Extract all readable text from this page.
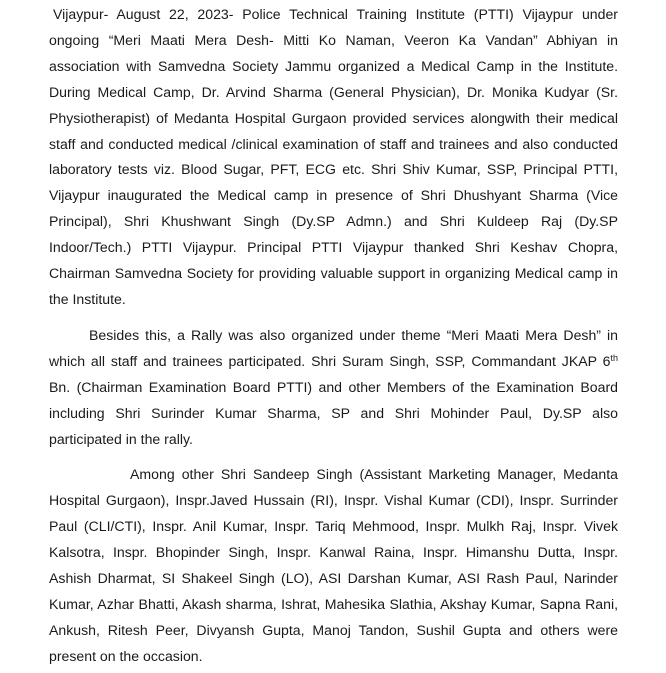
Vijaypur- August 22, 2023- Police Technical Training Institute (PTTI) Vijaypur under ongoing “Meri Maati Mera Desh- Mitti Ko Naman, Veeron Ka Vandan” Abhiyan in association with Samvedna Society Jammu organized a Medical Camp in the Institute. During Medical Camp, Dr. Arvind Sharma (General Physician), Dr. Monika Kudyar (Sr. Physiotherapist) of Medanta Hospital Gurgaon provided services alongwith their medical staff and conducted medical /clinical examination of staff and trainees and also conducted laboratory tests viz. Blood Sugar, PFT, ECG etc. Shri Shiv Kumar, SSP, Principal PTTI, Vijaypur inaugurated the Medical camp in presence of Shri Dhushyant Sharma (Vice Principal), Shri Khushwant Singh (Dy.SP Admn.) and Shri Kuldeep Raj (Dy.SP Indoor/Tech.) PTTI Vijaypur. Principal PTTI Vijaypur thanked Shri Keshav Chopra, Chairman Samvedna Society for providing valuable support in organizing Medical camp in the Institute.

Besides this, a Rally was also organized under theme “Meri Maati Mera Desh” in which all staff and trainees participated. Shri Suram Singh, SSP, Commandant JKAP 6th Bn. (Chairman Examination Board PTTI) and other Members of the Examination Board including Shri Surinder Kumar Sharma, SP and Shri Mohinder Paul, Dy.SP also participated in the rally.

Among other Shri Sandeep Singh (Assistant Marketing Manager, Medanta Hospital Gurgaon), Inspr.Javed Hussain (RI), Inspr. Vishal Kumar (CDI), Inspr. Surrinder Paul (CLI/CTI), Inspr. Anil Kumar, Inspr. Tariq Mehmood, Inspr. Mulkh Raj, Inspr. Vivek Kalsotra, Inspr. Bhopinder Singh, Inspr. Kanwal Raina, Inspr. Himanshu Dutta, Inspr. Ashish Dharmat, SI Shakeel Singh (LO), ASI Darshan Kumar, ASI Rash Paul, Narinder Kumar, Azhar Bhatti, Akash sharma, Ishrat, Mahesika Slathia, Akshay Kumar, Sapna Rani, Ankush, Ritesh Peer, Divyansh Gupta, Manoj Tandon, Sushil Gupta and others were present on the occasion.
